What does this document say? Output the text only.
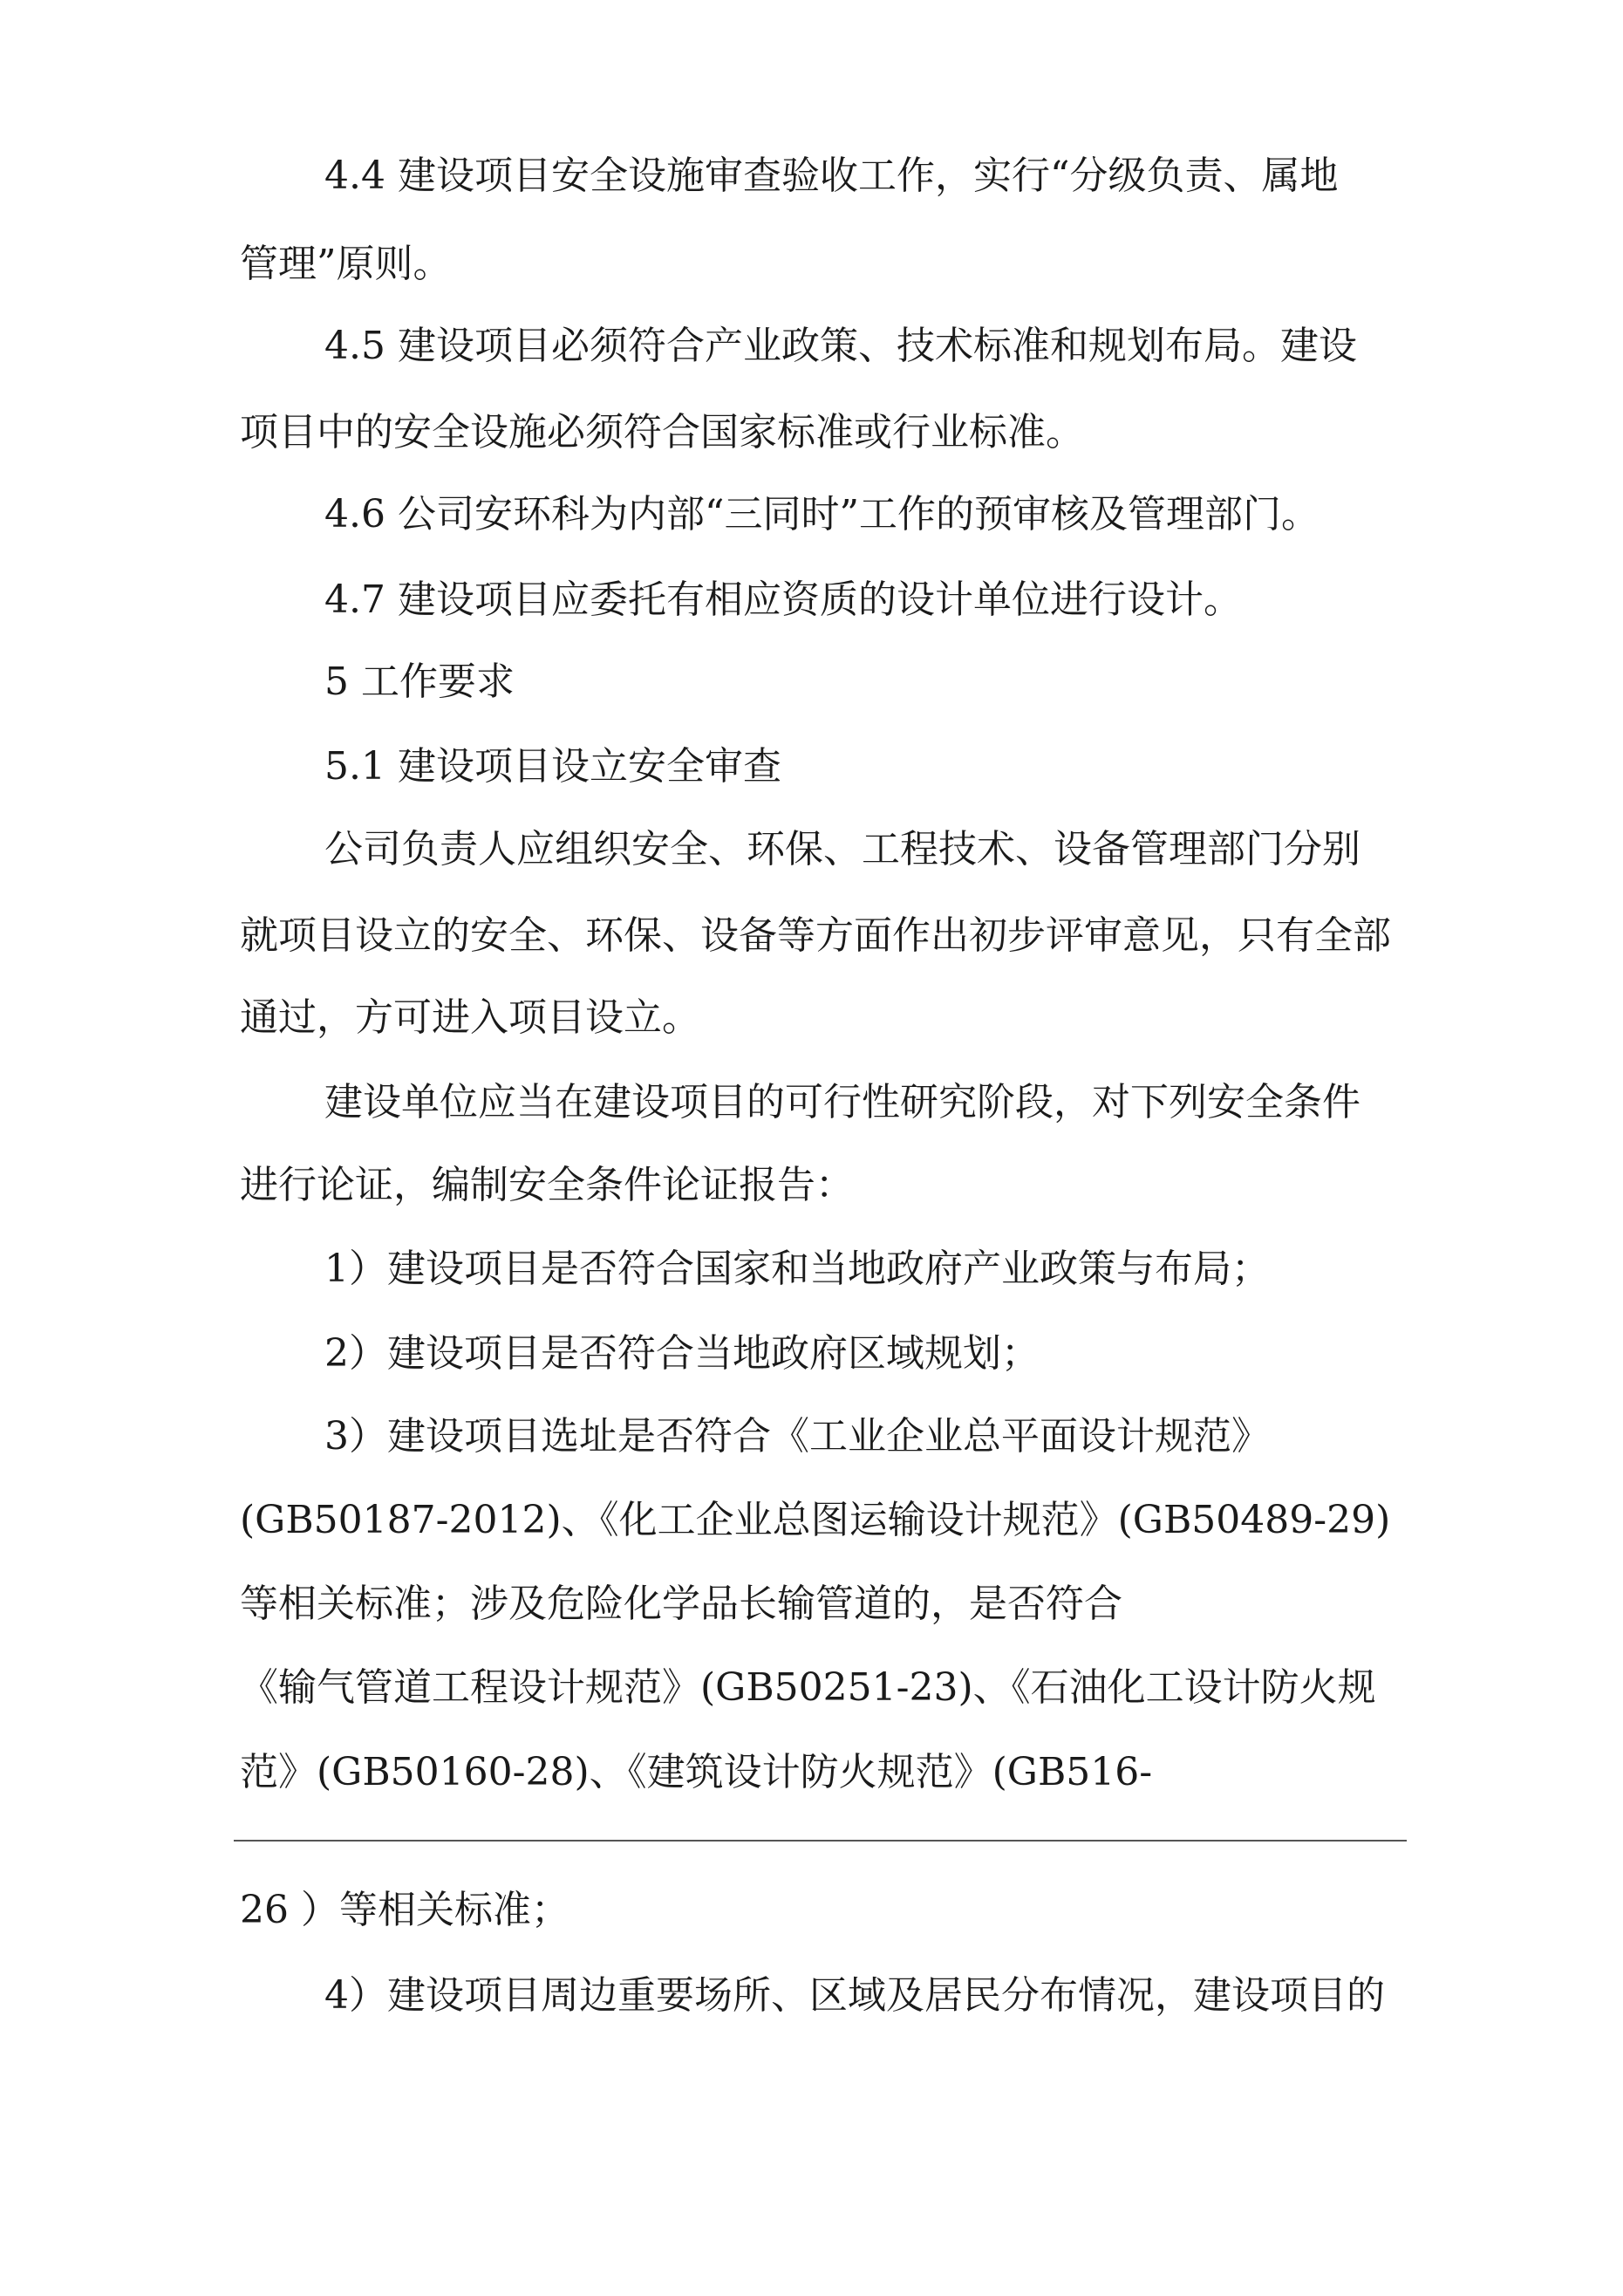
4.4 建设项目安全设施审查验收工作，实行“分级负责、属地
管理”原则。
4.5 建设项目必须符合产业政策、技术标准和规划布局。建设
项目中的安全设施必须符合国家标准或行业标准。
4.6 公司安环科为内部“三同时”工作的预审核及管理部门。
4.7 建设项目应委托有相应资质的设计单位进行设计。
5 工作要求
5.1 建设项目设立安全审查
公司负责人应组织安全、环保、工程技术、设备管理部门分别
就项目设立的安全、环保、设备等方面作出初步评审意见，只有全部
通过，方可进入项目设立。
建设单位应当在建设项目的可行性研究阶段，对下列安全条件
进行论证，编制安全条件论证报告：
1）建设项目是否符合国家和当地政府产业政策与布局；
2）建设项目是否符合当地政府区域规划；
3）建设项目选址是否符合《工业企业总平面设计规范》
(GB50187-2012)、《化工企业总图运输设计规范》(GB50489-29)
等相关标准；涉及危险化学品长输管道的，是否符合
《输气管道工程设计规范》(GB50251-23)、《石油化工设计防火规
范》(GB50160-28)、《建筑设计防火规范》(GB516-
26 ）等相关标准；
4）建设项目周边重要场所、区域及居民分布情况，建设项目的
